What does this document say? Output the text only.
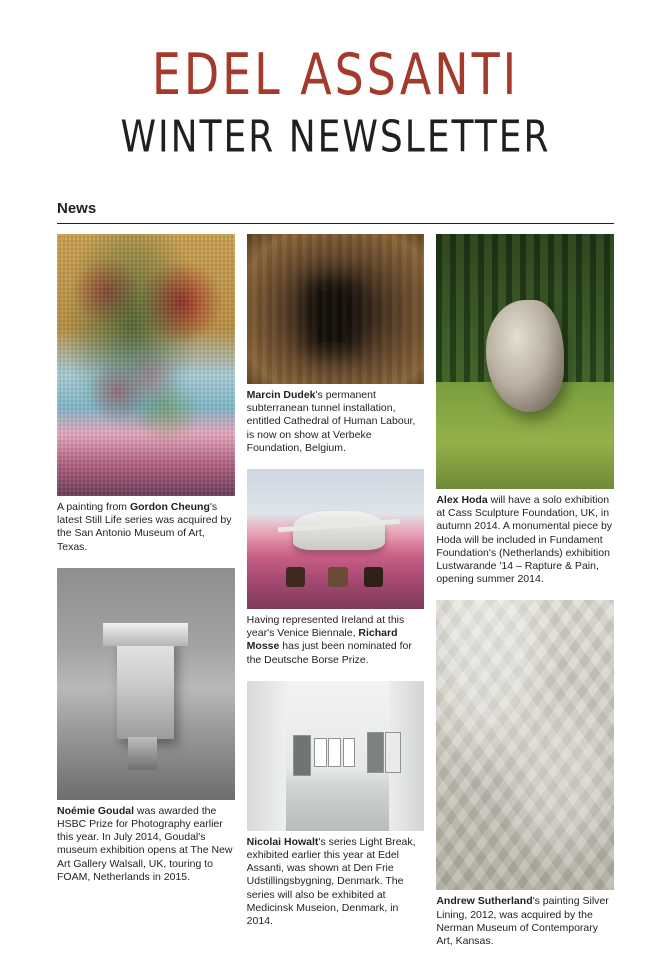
EDEL ASSANTI
WINTER NEWSLETTER
News
A painting from Gordon Cheung's latest Still Life series was acquired by the San Antonio Museum of Art, Texas.
Noémie Goudal was awarded the HSBC Prize for Photography earlier this year. In July 2014, Goudal's museum exhibition opens at The New Art Gallery Walsall, UK, touring to FOAM, Netherlands in 2015.
Marcin Dudek's permanent subterranean tunnel installation, entitled Cathedral of Human Labour, is now on show at Verbeke Foundation, Belgium.
Having represented Ireland at this year's Venice Biennale, Richard Mosse has just been nominated for the Deutsche Borse Prize.
Nicolai Howalt's series Light Break, exhibited earlier this year at Edel Assanti, was shown at Den Frie Udstillingsbygning, Denmark. The series will also be exhibited at Medicinsk Museion, Denmark, in 2014.
Alex Hoda will have a solo exhibition at Cass Sculpture Foundation, UK, in autumn 2014. A monumental piece by Hoda will be included in Fundament Foundation's (Netherlands) exhibition Lustwarande '14 – Rapture & Pain, opening summer 2014.
Andrew Sutherland's painting Silver Lining, 2012, was acquired by the Nerman Museum of Contemporary Art, Kansas.
